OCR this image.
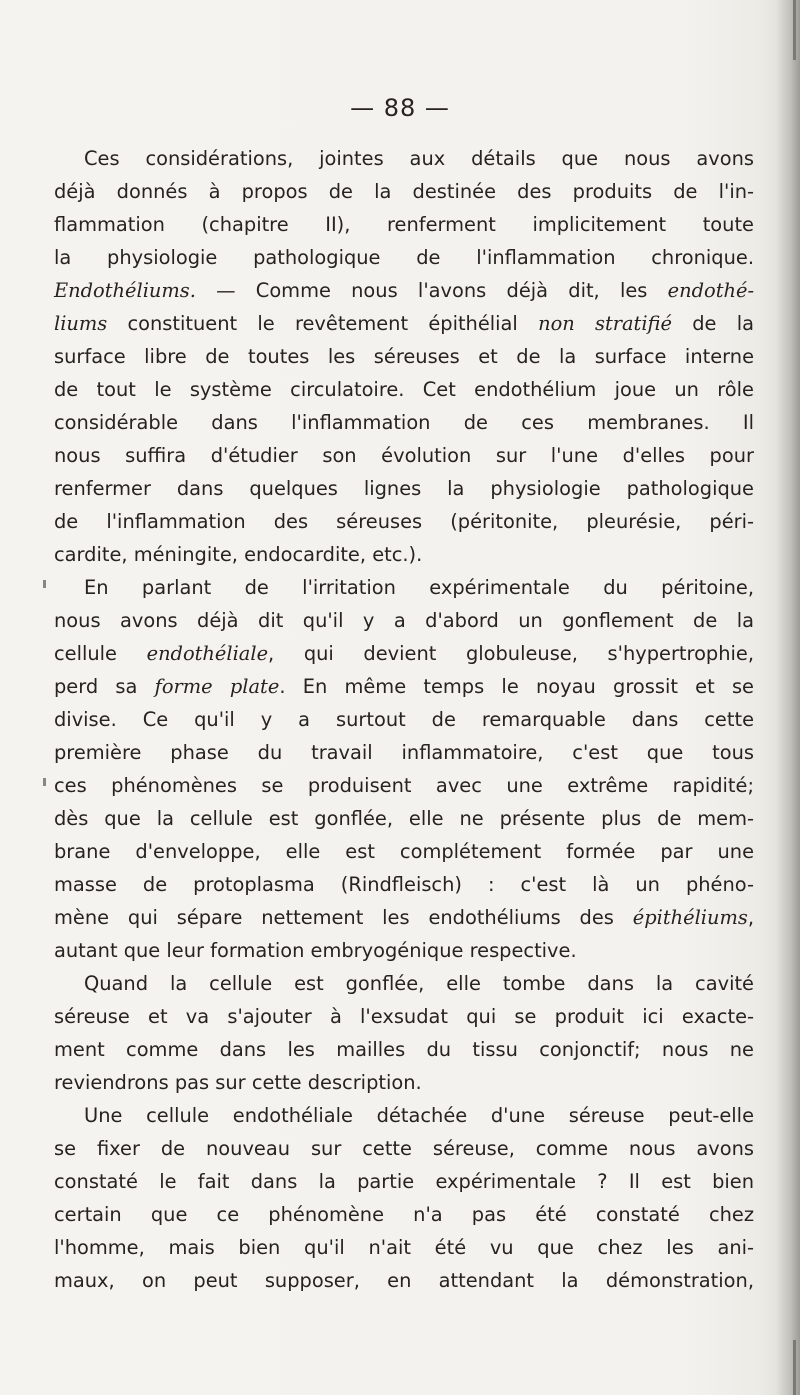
— 88 —
Ces considérations, jointes aux détails que nous avons
déjà donnés à propos de la destinée des produits de l'in-
flammation (chapitre II), renferment implicitement toute
la physiologie pathologique de l'inflammation chronique.
Endothéliums. — Comme nous l'avons déjà dit, les endothé-
liums constituent le revêtement épithélial non stratifié de la
surface libre de toutes les séreuses et de la surface interne
de tout le système circulatoire. Cet endothélium joue un rôle
considérable dans l'inflammation de ces membranes. Il
nous suffira d'étudier son évolution sur l'une d'elles pour
renfermer dans quelques lignes la physiologie pathologique
de l'inflammation des séreuses (péritonite, pleurésie, péri-
cardite, méningite, endocardite, etc.).
En parlant de l'irritation expérimentale du péritoine,
nous avons déjà dit qu'il y a d'abord un gonflement de la
cellule endothéliale, qui devient globuleuse, s'hypertrophie,
perd sa forme plate. En même temps le noyau grossit et se
divise. Ce qu'il y a surtout de remarquable dans cette
première phase du travail inflammatoire, c'est que tous
ces phénomènes se produisent avec une extrême rapidité;
dès que la cellule est gonflée, elle ne présente plus de mem-
brane d'enveloppe, elle est complétement formée par une
masse de protoplasma (Rindfleisch) : c'est là un phéno-
mène qui sépare nettement les endothéliums des épithéliums,
autant que leur formation embryogénique respective.
Quand la cellule est gonflée, elle tombe dans la cavité
séreuse et va s'ajouter à l'exsudat qui se produit ici exacte-
ment comme dans les mailles du tissu conjonctif; nous ne
reviendrons pas sur cette description.
Une cellule endothéliale détachée d'une séreuse peut-elle
se fixer de nouveau sur cette séreuse, comme nous avons
constaté le fait dans la partie expérimentale ? Il est bien
certain que ce phénomène n'a pas été constaté chez
l'homme, mais bien qu'il n'ait été vu que chez les ani-
maux, on peut supposer, en attendant la démonstration,
